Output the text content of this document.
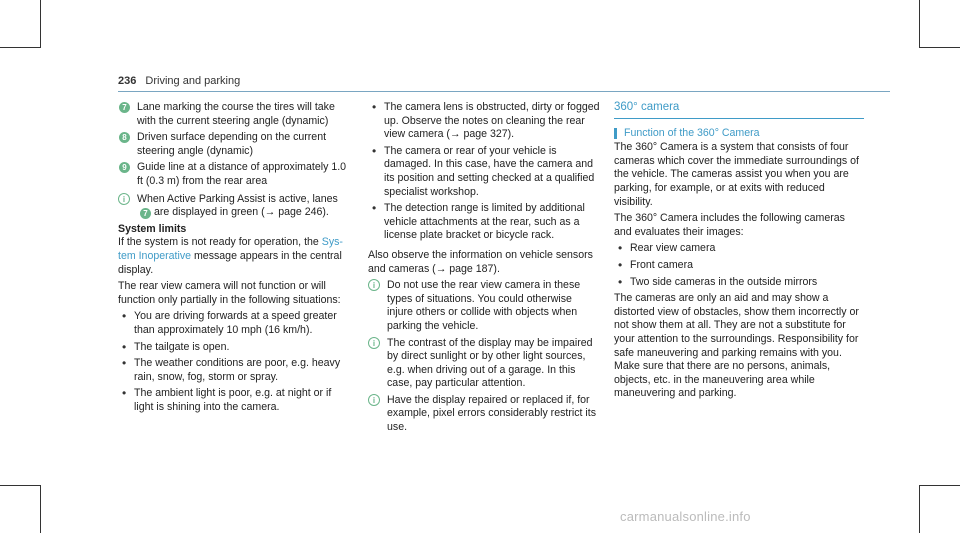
236 Driving and parking
7 Lane marking the course the tires will take with the current steering angle (dynamic)
8 Driven surface depending on the current steering angle (dynamic)
9 Guide line at a distance of approximately 1.0 ft (0.3 m) from the rear area
i	When Active Parking Assist is active, lanes7 are displayed in green (→ page 246).
System limits

If the system is not ready for operation, the Sys-tem Inoperative message appears in the central display.

The rear view camera will not function or will function only partially in the following situations:

• You are driving forwards at a speed greater than approximately 10 mph (16 km/h).
• The tailgate is open.
• The weather conditions are poor, e.g. heavy rain, snow, fog, storm or spray.
• The ambient light is poor, e.g. at night or if light is shining into the camera.
• The camera lens is obstructed, dirty or fogged up. Observe the notes on cleaning the rear view camera (→ page 327).
• The camera or rear of your vehicle is damaged. In this case, have the camera and its position and setting checked at a qualified specialist workshop.
• The detection range is limited by additional vehicle attachments at the rear, such as a license plate bracket or bicycle rack.

Also observe the information on vehicle sensors and cameras (→ page 187).

i	Do not use the rear view camera in these types of situations. You could otherwise injure others or collide with objects when parking the vehicle.
i	The contrast of the display may be impaired by direct sunlight or by other light sources, e.g. when driving out of a garage. In this case, pay particular attention.
i	Have the display repaired or replaced if, for example, pixel errors considerably restrict its use.
360° camera
Function of the 360° Camera

The 360° Camera is a system that consists of four cameras which cover the immediate surroundings of the vehicle. The cameras assist you when you are parking, for example, or at exits with reduced visibility.

The 360° Camera includes the following cameras and evaluates their images:

• Rear view camera
• Front camera
• Two side cameras in the outside mirrors

The cameras are only an aid and may show a distorted view of obstacles, show them incorrectly or not show them at all. They are not a substitute for your attention to the surroundings. Responsibility for safe maneuvering and parking remains with you. Make sure that there are no persons, animals, objects, etc. in the maneuvering area while maneuvering and parking.

carmanualsonline.info
